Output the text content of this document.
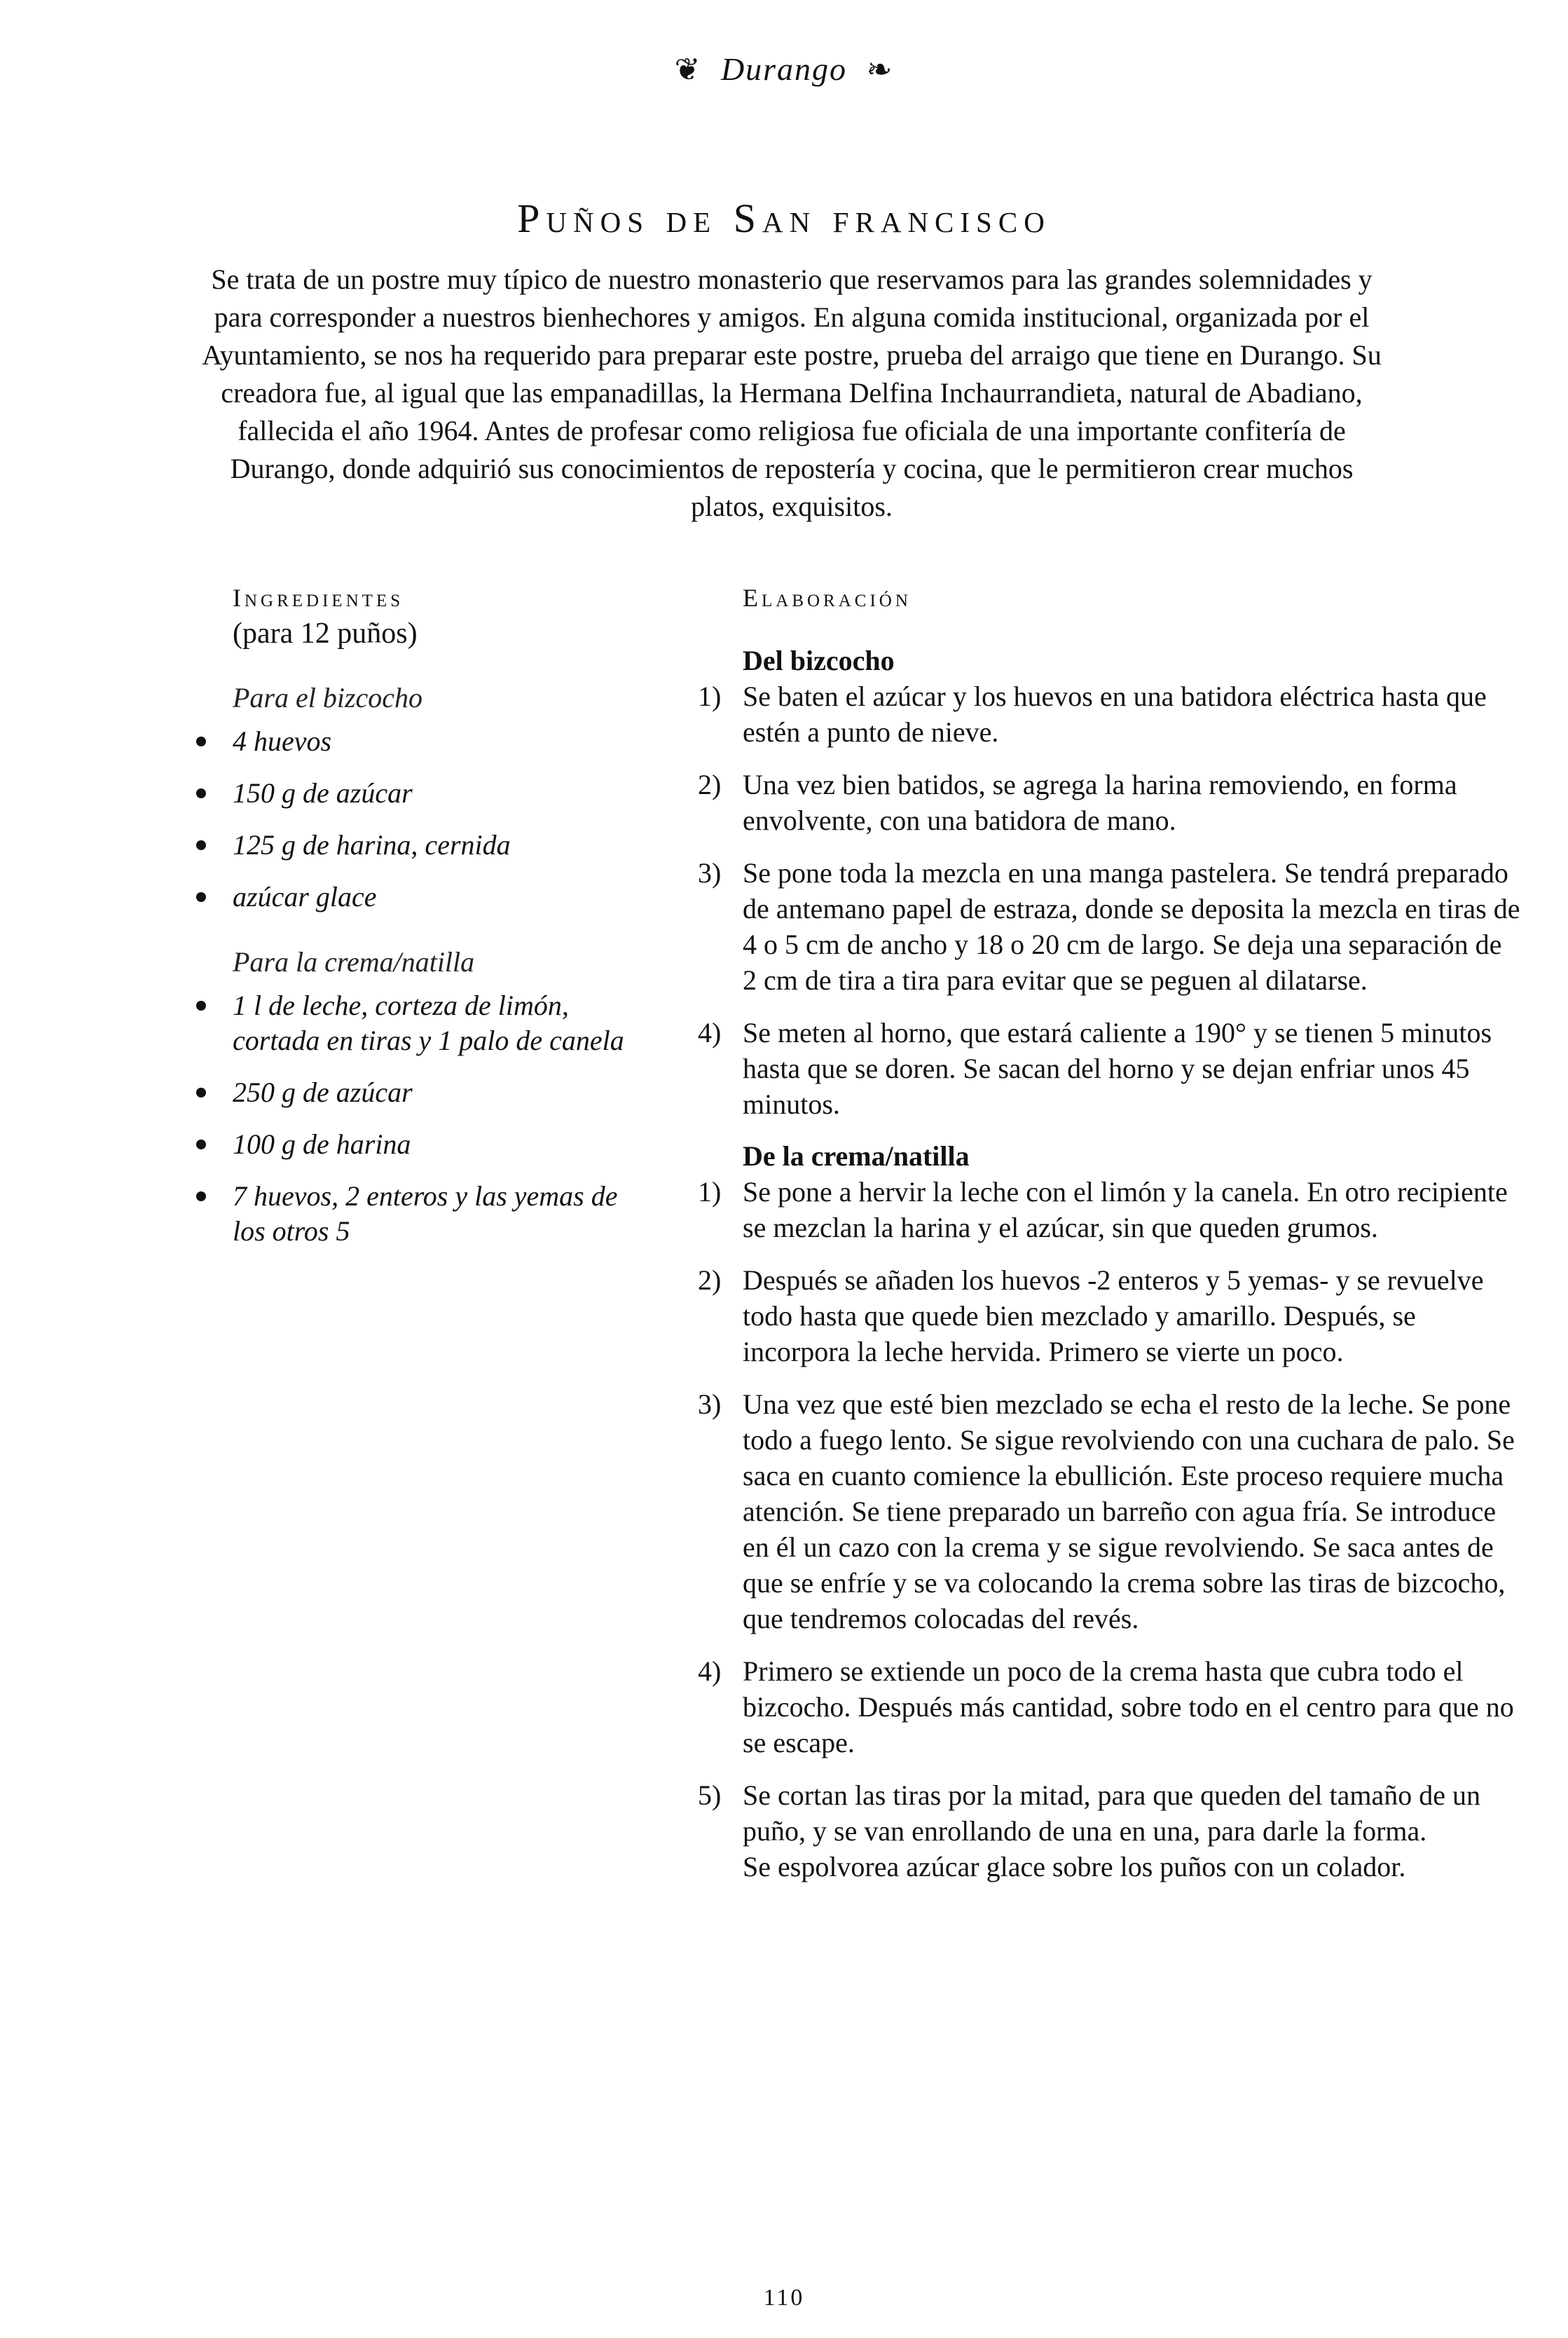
❦ Durango ❧
Puños de San francisco
Se trata de un postre muy típico de nuestro monasterio que reservamos para las grandes solemnidades y para corresponder a nuestros bienhechores y amigos. En alguna comida institucional, organizada por el Ayuntamiento, se nos ha requerido para preparar este postre, prueba del arraigo que tiene en Durango. Su creadora fue, al igual que las empanadillas, la Hermana Delfina Inchaurrandieta, natural de Abadiano, fallecida el año 1964. Antes de profesar como religiosa fue oficiala de una importante confitería de Durango, donde adquirió sus conocimientos de repostería y cocina, que le permitieron crear muchos platos, exquisitos.
Ingredientes
(para 12 puños)
Para el bizcocho
4 huevos
150 g de azúcar
125 g de harina, cernida
azúcar glace
Para la crema/natilla
1 l de leche, corteza de limón, cortada en tiras y 1 palo de canela
250 g de azúcar
100 g de harina
7 huevos, 2 enteros y las yemas de los otros 5
Elaboración
Del bizcocho
1) Se baten el azúcar y los huevos en una batidora eléctrica hasta que estén a punto de nieve.
2) Una vez bien batidos, se agrega la harina removiendo, en forma envolvente, con una batidora de mano.
3) Se pone toda la mezcla en una manga pastelera. Se tendrá preparado de antemano papel de estraza, donde se deposita la mezcla en tiras de 4 o 5 cm de ancho y 18 o 20 cm de largo. Se deja una separación de 2 cm de tira a tira para evitar que se peguen al dilatarse.
4) Se meten al horno, que estará caliente a 190° y se tienen 5 minutos hasta que se doren. Se sacan del horno y se dejan enfriar unos 45 minutos.
De la crema/natilla
1) Se pone a hervir la leche con el limón y la canela. En otro recipiente se mezclan la harina y el azúcar, sin que queden grumos.
2) Después se añaden los huevos -2 enteros y 5 yemas- y se revuelve todo hasta que quede bien mezclado y amarillo. Después, se incorpora la leche hervida. Primero se vierte un poco.
3) Una vez que esté bien mezclado se echa el resto de la leche. Se pone todo a fuego lento. Se sigue revolviendo con una cuchara de palo. Se saca en cuanto comience la ebullición. Este proceso requiere mucha atención. Se tiene preparado un barreño con agua fría. Se introduce en él un cazo con la crema y se sigue revolviendo. Se saca antes de que se enfríe y se va colocando la crema sobre las tiras de bizcocho, que tendremos colocadas del revés.
4) Primero se extiende un poco de la crema hasta que cubra todo el bizcocho. Después más cantidad, sobre todo en el centro para que no se escape.
5) Se cortan las tiras por la mitad, para que queden del tamaño de un puño, y se van enrollando de una en una, para darle la forma.
Se espolvorea azúcar glace sobre los puños con un colador.
110
